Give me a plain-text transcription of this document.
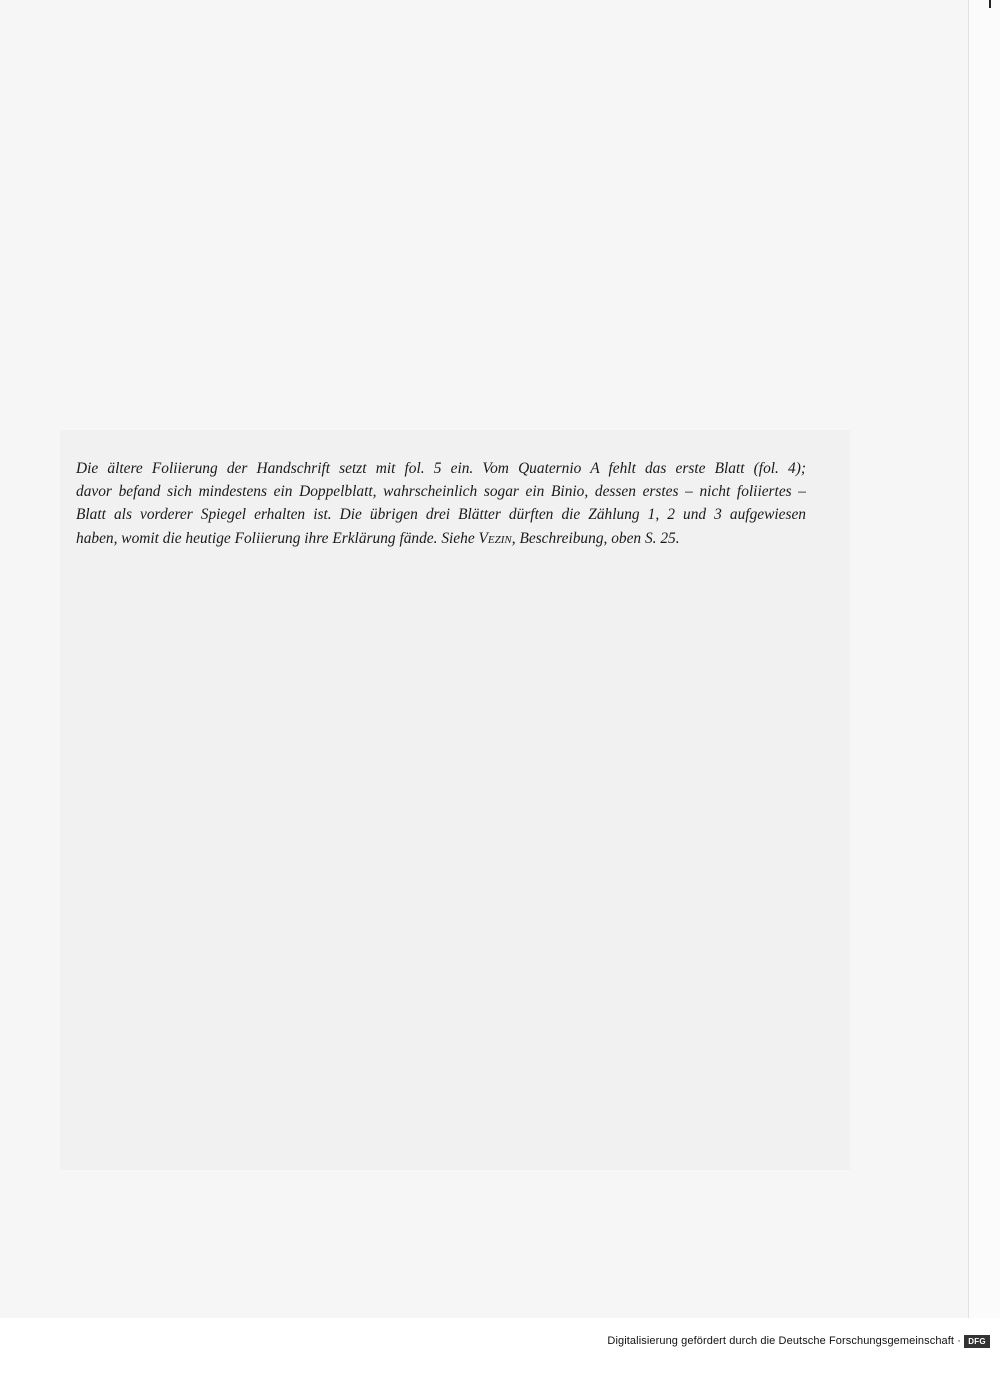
Die ältere Foliierung der Handschrift setzt mit fol. 5 ein. Vom Quaternio A fehlt das erste Blatt (fol. 4);
davor befand sich mindestens ein Doppelblatt, wahrscheinlich sogar ein Binio, dessen erstes – nicht foliiertes –
Blatt als vorderer Spiegel erhalten ist. Die übrigen drei Blätter dürften die Zählung 1, 2 und 3 aufgewiesen
haben, womit die heutige Foliierung ihre Erklärung fände. Siehe Vezin, Beschreibung, oben S. 25.

Digitalisierung gefördert durch die Deutsche Forschungsgemeinschaft · DFG
